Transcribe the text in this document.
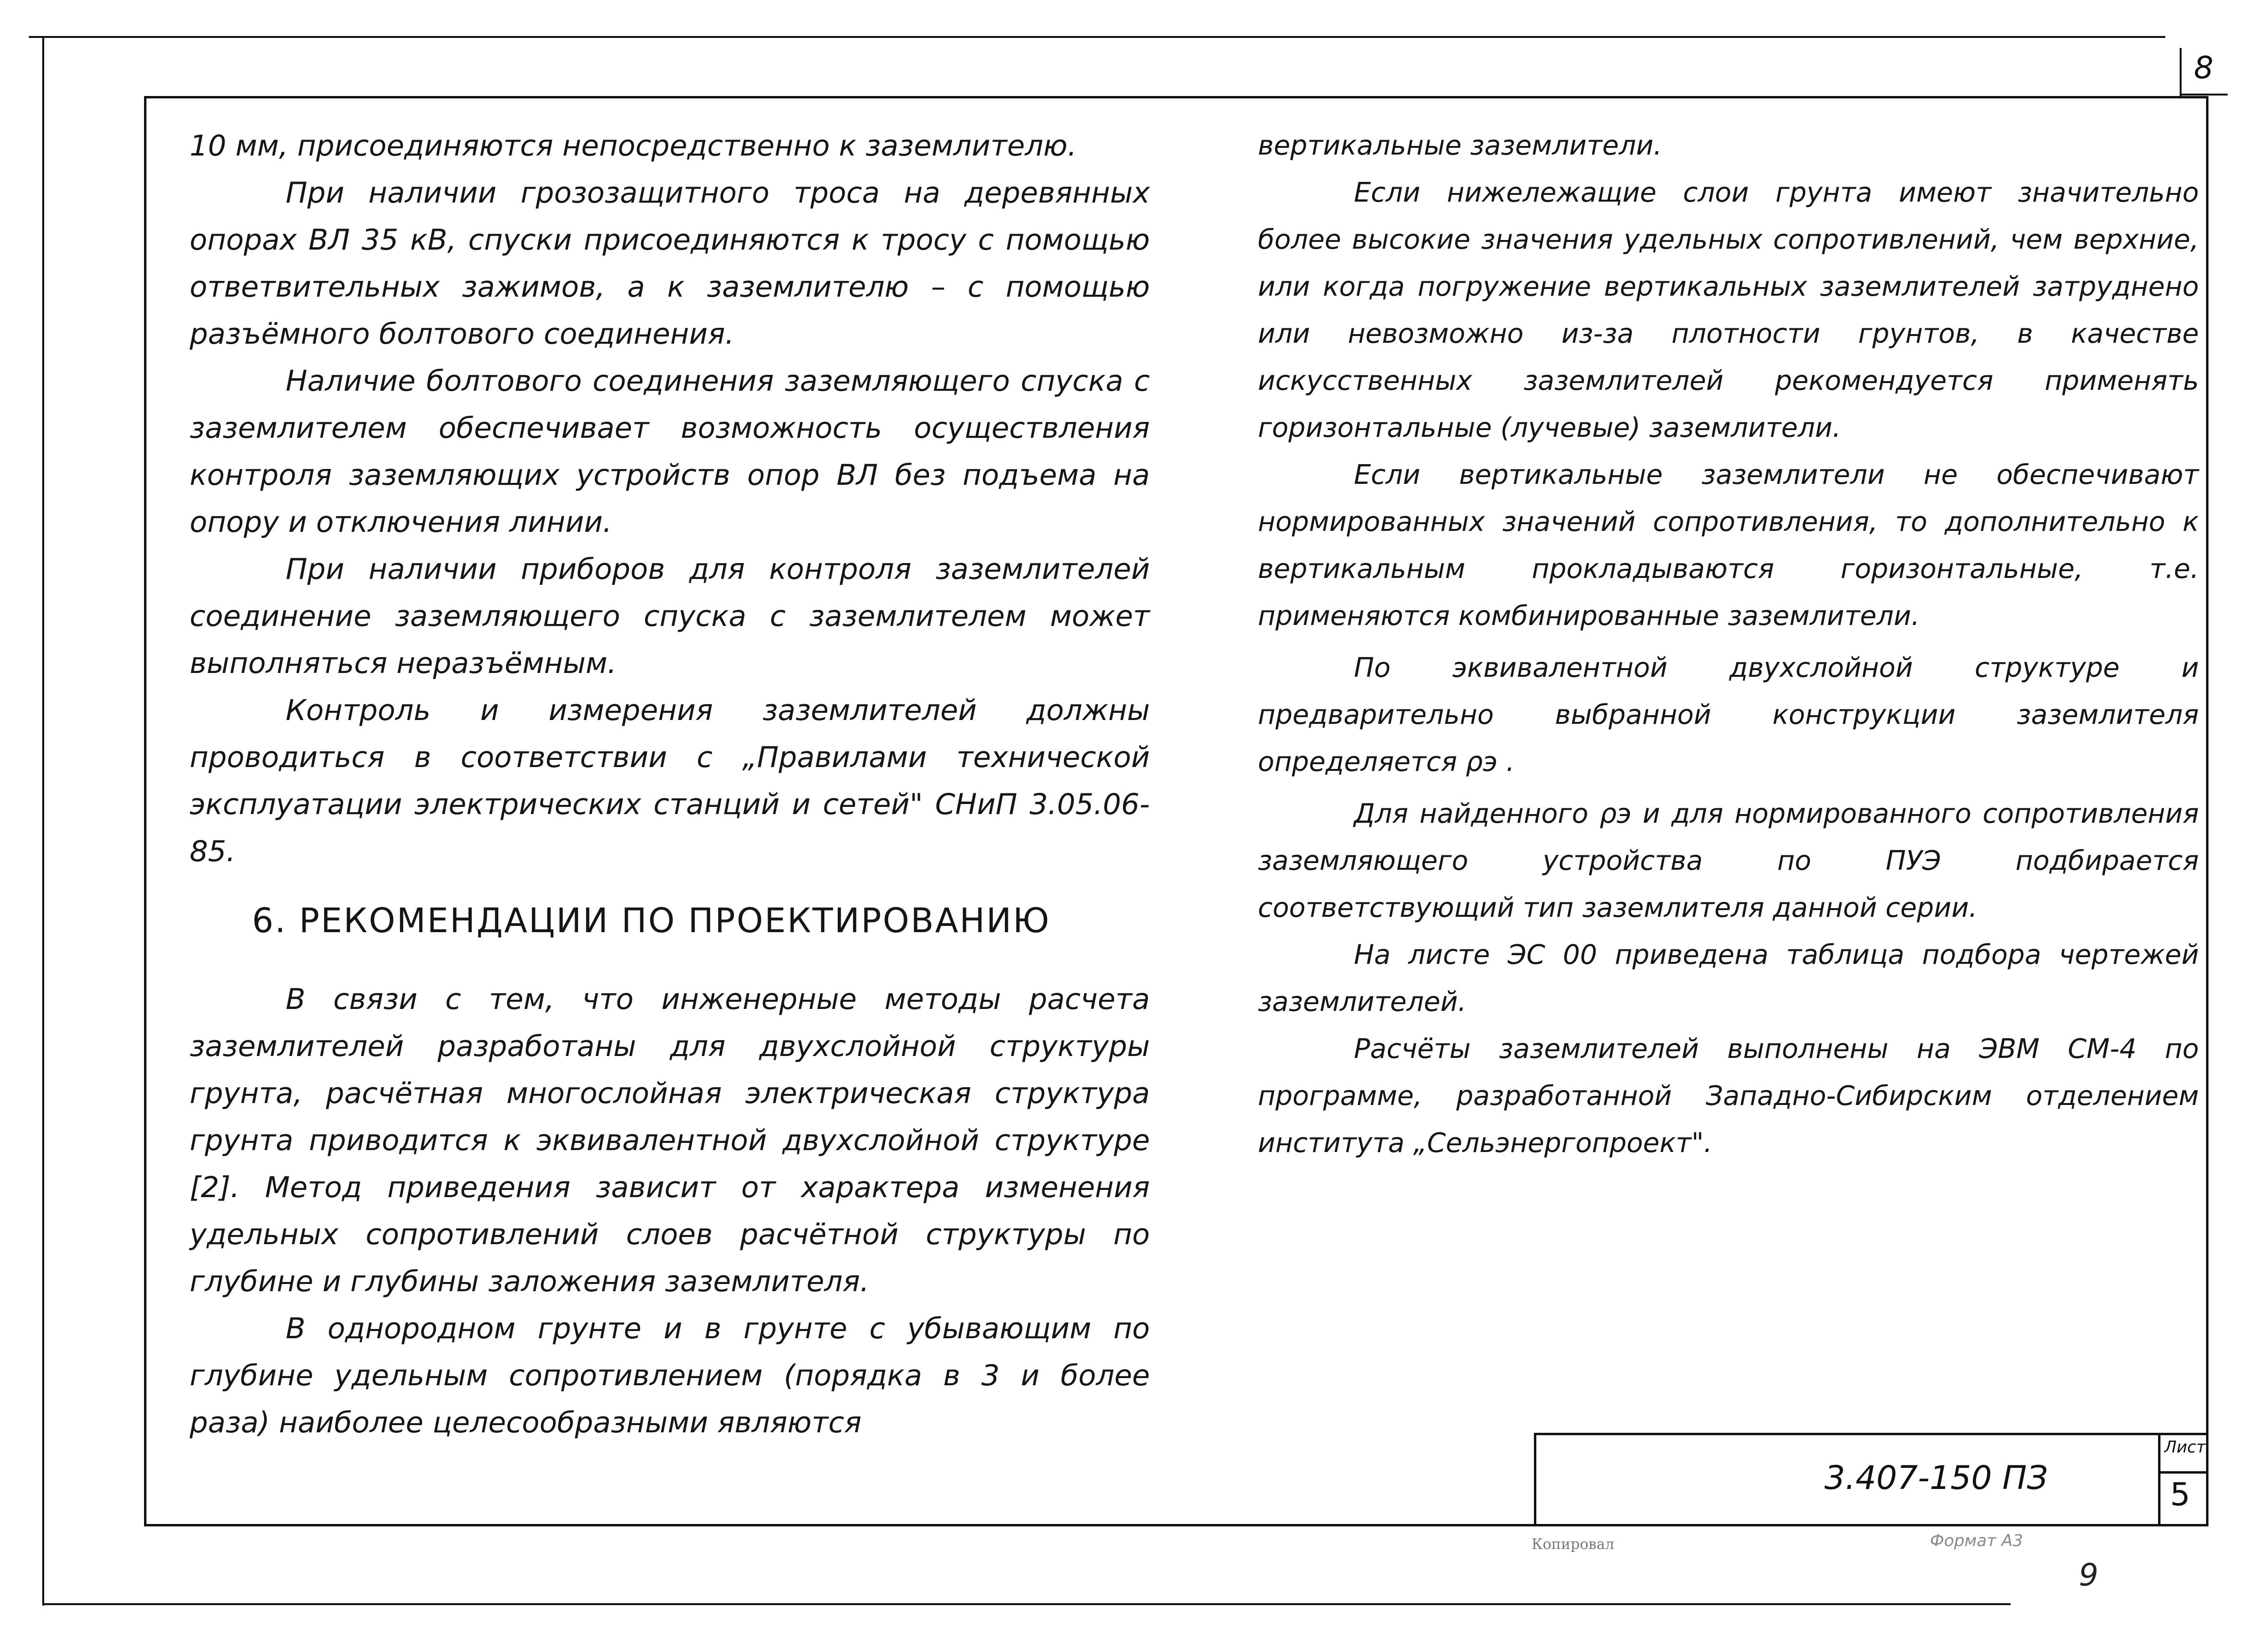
8

10 мм, присоединяются непосредственно к заземлителю.

При наличии грозозащитного троса на деревянных опорах ВЛ 35 кВ, спуски присоединяются к тросу с помощью ответвительных зажимов, а к заземлителю – с помощью разъёмного болтового соединения.

Наличие болтового соединения заземляющего спуска с заземлителем обеспечивает возможность осуществления контроля заземляющих устройств опор ВЛ без подъема на опору и отключения линии.

При наличии приборов для контроля заземлителей соединение заземляющего спуска с заземлителем может выполняться неразъёмным.

Контроль и измерения заземлителей должны проводиться в соответствии с „Правилами технической эксплуатации электрических станций и сетей" СНиП 3.05.06-85.

6. РЕКОМЕНДАЦИИ ПО ПРОЕКТИРОВАНИЮ

В связи с тем, что инженерные методы расчета заземлителей разработаны для двухслойной структуры грунта, расчётная многослойная электрическая структура грунта приводится к эквивалентной двухслойной структуре [2]. Метод приведения зависит от характера изменения удельных сопротивлений слоев расчётной структуры по глубине и глубины заложения заземлителя.

В однородном грунте и в грунте с убывающим по глубине удельным сопротивлением (порядка в 3 и более раза) наиболее целесообразными являются

вертикальные заземлители.

Если нижележащие слои грунта имеют значительно более высокие значения удельных сопротивлений, чем верхние, или когда погружение вертикальных заземлителей затруднено или невозможно из-за плотности грунтов, в качестве искусственных заземлителей рекомендуется применять горизонтальные (лучевые) заземлители.

Если вертикальные заземлители не обеспечивают нормированных значений сопротивления, то дополнительно к вертикальным прокладываются горизонтальные, т.е. применяются комбинированные заземлители.

По эквивалентной двухслойной структуре и предварительно выбранной конструкции заземлителя определяется ρэ .

Для найденного ρэ и для нормированного сопротивления заземляющего устройства по ПУЭ подбирается соответствующий тип заземлителя данной серии.

На листе ЭС 00 приведена таблица подбора чертежей заземлителей.

Расчёты заземлителей выполнены на ЭВМ СМ-4 по программе, разработанной Западно-Сибирским отделением института „Сельэнергопроект".

3.407-150 ПЗ
Лист
5
Копировал	Формат А3
9
